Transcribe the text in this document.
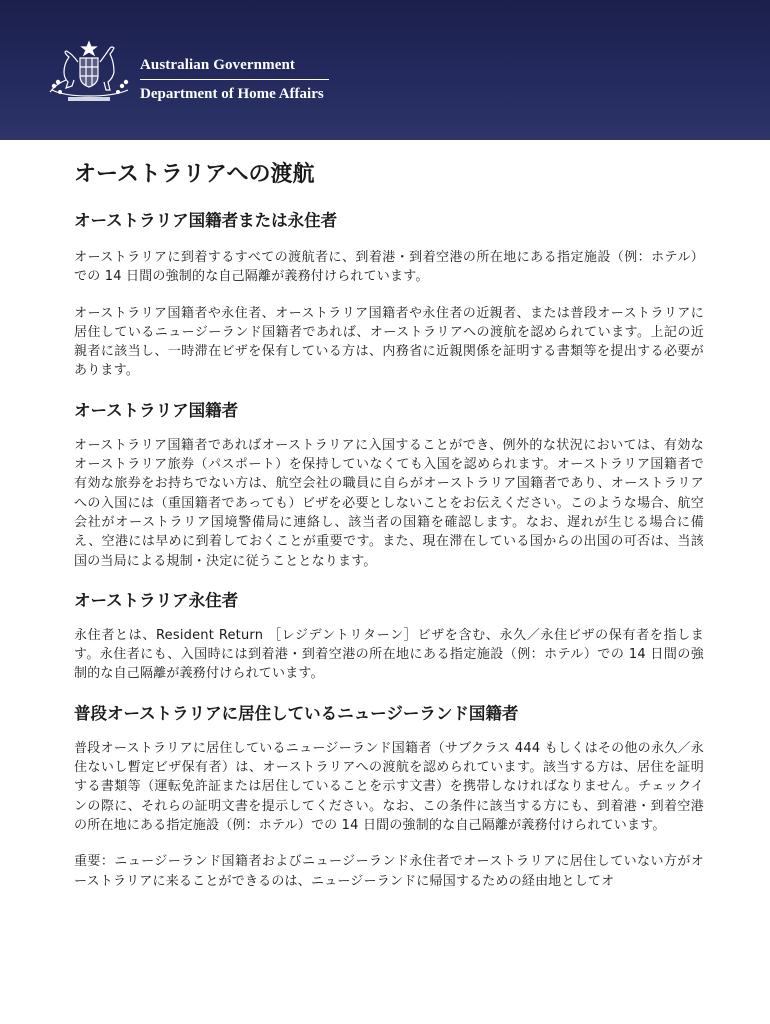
Australian Government
Department of Home Affairs
オーストラリアへの渡航
オーストラリア国籍者または永住者

オーストラリアに到着するすべての渡航者に、到着港・到着空港の所在地にある指定施設（例：ホテル）での 14 日間の強制的な自己隔離が義務付けられています。

オーストラリア国籍者や永住者、オーストラリア国籍者や永住者の近親者、または普段オーストラリアに居住しているニュージーランド国籍者であれば、オーストラリアへの渡航を認められています。上記の近親者に該当し、一時滞在ビザを保有している方は、内務省に近親関係を証明する書類等を提出する必要があります。

オーストラリア国籍者

オーストラリア国籍者であればオーストラリアに入国することができ、例外的な状況においては、有効なオーストラリア旅券（パスポート）を保持していなくても入国を認められます。オーストラリア国籍者で有効な旅券をお持ちでない方は、航空会社の職員に自らがオーストラリア国籍者であり、オーストラリアへの入国には（重国籍者であっても）ビザを必要としないことをお伝えください。このような場合、航空会社がオーストラリア国境警備局に連絡し、該当者の国籍を確認します。なお、遅れが生じる場合に備え、空港には早めに到着しておくことが重要です。また、現在滞在している国からの出国の可否は、当該国の当局による規制・決定に従うこととなります。

オーストラリア永住者

永住者とは、Resident Return ［レジデントリターン］ビザを含む、永久／永住ビザの保有者を指します。永住者にも、入国時には到着港・到着空港の所在地にある指定施設（例：ホテル）での 14 日間の強制的な自己隔離が義務付けられています。

普段オーストラリアに居住しているニュージーランド国籍者

普段オーストラリアに居住しているニュージーランド国籍者（サブクラス 444 もしくはその他の永久／永住ないし暫定ビザ保有者）は、オーストラリアへの渡航を認められています。該当する方は、居住を証明する書類等（運転免許証または居住していることを示す文書）を携帯しなければなりません。チェックインの際に、それらの証明文書を提示してください。なお、この条件に該当する方にも、到着港・到着空港の所在地にある指定施設（例：ホテル）での 14 日間の強制的な自己隔離が義務付けられています。

重要：ニュージーランド国籍者およびニュージーランド永住者でオーストラリアに居住していない方がオーストラリアに来ることができるのは、ニュージーランドに帰国するための経由地としてオ
